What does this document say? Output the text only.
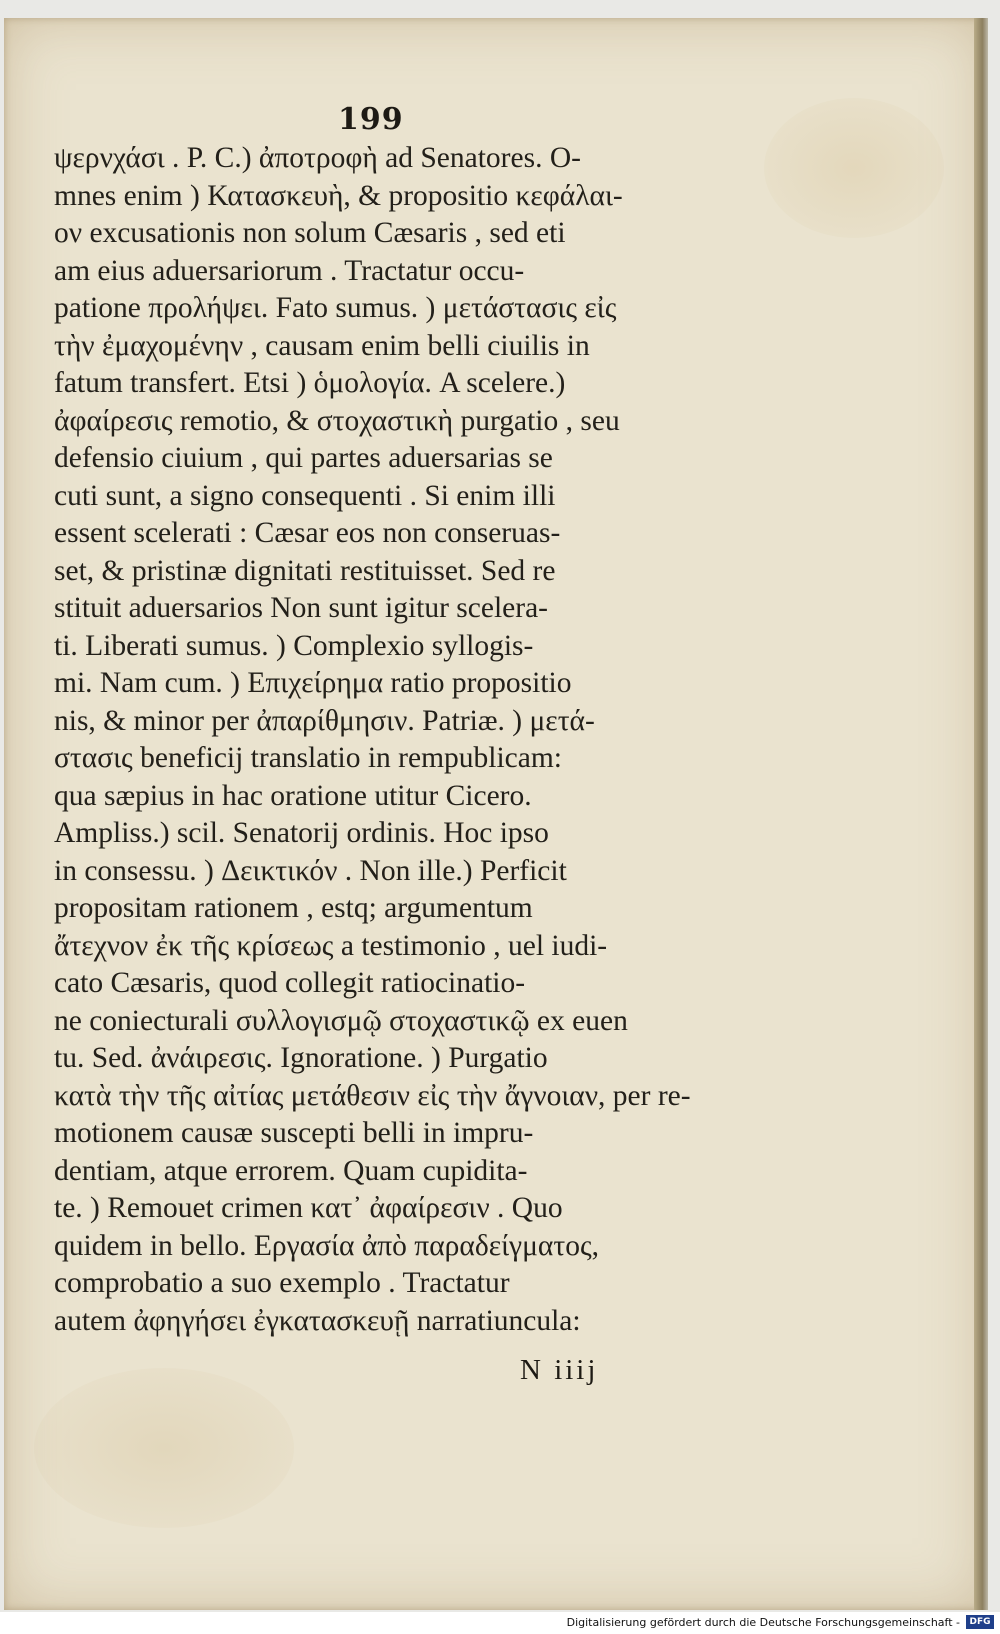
199
ψερνχάσι . P. C.) ἀποτροφὴ ad Senatores. O-
mnes enim ) Κατασκευὴ, & propositio κεφάλαι-
ον excusationis non solum Cæsaris , sed eti
am eius aduersariorum . Tractatur occu-
patione προλήψει. Fato sumus. ) μετάστασις εἰς
τὴν ἐμαχομένην , causam enim belli ciuilis in
fatum transfert. Etsi ) ὁμολογία. A scelere.)
ἀφαίρεσις remotio, & στοχαστικὴ purgatio , seu
defensio ciuium , qui partes aduersarias se
cuti sunt, a signo consequenti . Si enim illi
essent scelerati : Cæsar eos non conseruas-
set, & pristinæ dignitati restituisset. Sed re
stituit aduersarios Non sunt igitur scelera-
ti. Liberati sumus. ) Complexio syllogis-
mi. Nam cum. ) Επιχείρημα ratio propositio
nis, & minor per ἀπαρίθμησιν. Patriæ. ) μετά-
στασις beneficij translatio in rempublicam:
qua sæpius in hac oratione utitur Cicero.
Ampliss.) scil. Senatorij ordinis. Hoc ipso
in consessu. ) Δεικτικόν . Non ille.) Perficit
propositam rationem , estq; argumentum
ἄτεχνον ἐκ τῆς κρίσεως a testimonio , uel iudi-
cato Cæsaris, quod collegit ratiocinatio-
ne coniecturali συλλογισμῷ στοχαστικῷ ex euen
tu. Sed. ἀνάιρεσις. Ignoratione. ) Purgatio
κατὰ τὴν τῆς αἰτίας μετάθεσιν εἰς τὴν ἄγνοιαν, per re-
motionem causæ suscepti belli in impru-
dentiam, atque errorem. Quam cupidita-
te. ) Remouet crimen κατ᾽ ἀφαίρεσιν . Quo
quidem in bello. Εργασία ἀπὸ παραδείγματος,
comprobatio a suo exemplo . Tractatur
autem ἀφηγήσει ἐγκατασκευῇ narratiuncula:
N iiij
Digitalisierung gefördert durch die Deutsche Forschungsgemeinschaft -	DFG
